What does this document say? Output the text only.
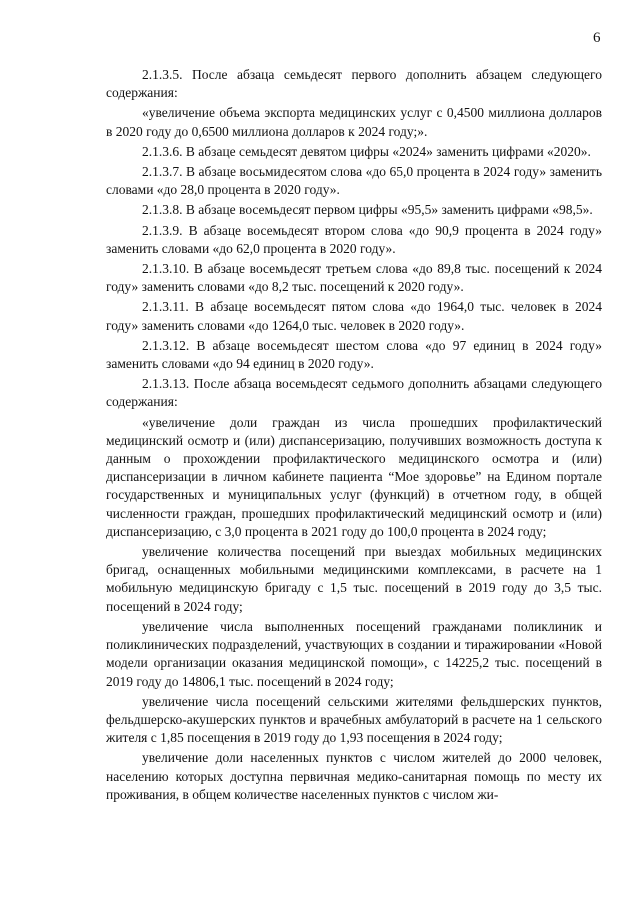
6

2.1.3.5. После абзаца семьдесят первого дополнить абзацем следующего содержания:

«увеличение объема экспорта медицинских услуг с 0,4500 миллиона долларов в 2020 году до 0,6500 миллиона долларов к 2024 году;».

2.1.3.6. В абзаце семьдесят девятом цифры «2024» заменить цифрами «2020».

2.1.3.7. В абзаце восьмидесятом слова «до 65,0 процента в 2024 году» заменить словами «до 28,0 процента в 2020 году».

2.1.3.8. В абзаце восемьдесят первом цифры «95,5» заменить цифрами «98,5».

2.1.3.9. В абзаце восемьдесят втором слова «до 90,9 процента в 2024 году» заменить словами «до 62,0 процента в 2020 году».

2.1.3.10. В абзаце восемьдесят третьем слова «до 89,8 тыс. посещений к 2024 году» заменить словами «до 8,2 тыс. посещений к 2020 году».

2.1.3.11. В абзаце восемьдесят пятом слова «до 1964,0 тыс. человек в 2024 году» заменить словами «до 1264,0 тыс. человек в 2020 году».

2.1.3.12. В абзаце восемьдесят шестом слова «до 97 единиц в 2024 году» заменить словами «до 94 единиц в 2020 году».

2.1.3.13. После абзаца восемьдесят седьмого дополнить абзацами следующего содержания:

«увеличение доли граждан из числа прошедших профилактический медицинский осмотр и (или) диспансеризацию, получивших возможность доступа к данным о прохождении профилактического медицинского осмотра и (или) диспансеризации в личном кабинете пациента “Мое здоровье” на Едином портале государственных и муниципальных услуг (функций) в отчетном году, в общей численности граждан, прошедших профилактический медицинский осмотр и (или) диспансеризацию, с 3,0 процента в 2021 году до 100,0 процента в 2024 году;

увеличение количества посещений при выездах мобильных медицинских бригад, оснащенных мобильными медицинскими комплексами, в расчете на 1 мобильную медицинскую бригаду с 1,5 тыс. посещений в 2019 году до 3,5 тыс. посещений в 2024 году;

увеличение числа выполненных посещений гражданами поликлиник и поликлинических подразделений, участвующих в создании и тиражировании «Новой модели организации оказания медицинской помощи», с 14225,2 тыс. посещений в 2019 году до 14806,1 тыс. посещений в 2024 году;

увеличение числа посещений сельскими жителями фельдшерских пунктов, фельдшерско-акушерских пунктов и врачебных амбулаторий в расчете на 1 сельского жителя с 1,85 посещения в 2019 году до 1,93 посещения в 2024 году;

увеличение доли населенных пунктов с числом жителей до 2000 человек, населению которых доступна первичная медико-санитарная помощь по месту их проживания, в общем количестве населенных пунктов с числом жи-
